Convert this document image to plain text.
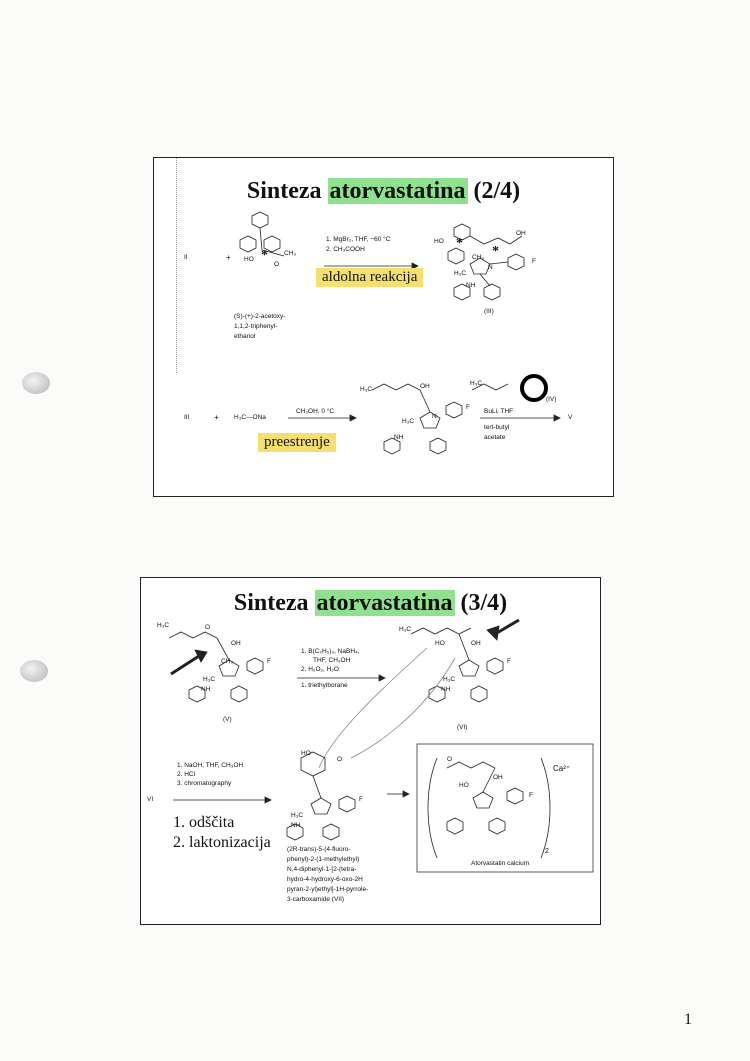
Sinteza atorvastatina (2/4)
II	+ HO
CH₃
O
*
1. MgBr₂, THF, −60 °C
2. CH₃COOH
aldolna reakcija
(S)-(+)-2-acetoxy-
1,1,2-triphenyl-
ethanol
OH
HO *
*
F
CH₃
H₃C
N
NH
(III)
III	+ H₃C—ONa
CH₃OH, 0 °C
preestrenje
H₃C	OH
F
H₃C
N
NH
H₃C
(IV)
BuLi, THF
tert-butyl
acetate
V
Sinteza atorvastatina (3/4)
H₃C	O
OH
F
H₃C
CH₃
NH
(V)
1. B(C₂H₅)₃, NaBH₄,
THF, CH₃OH
2. H₂O₂, H₂O
1. triethylborane
H₃C
OH
HO
F
H₃C
NH
(VI)
1. NaOH, THF, CH₃OH
2. HCl
3. chromatography
VI
1. odščita
2. laktonizacija
HO
O
F
H₃C
NH
(2R-trans)-5-(4-fluoro-
phenyl)-2-(1-methylethyl)
N,4-diphenyl-1-[2-(tetra-
hydro-4-hydroxy-6-oxo-2H
pyran-2-yl)ethyl]-1H-pyrrole-
3-carboxamide (VII)
O
OH
HO
F
Ca²⁺
2
Atorvastatin calcium
1
